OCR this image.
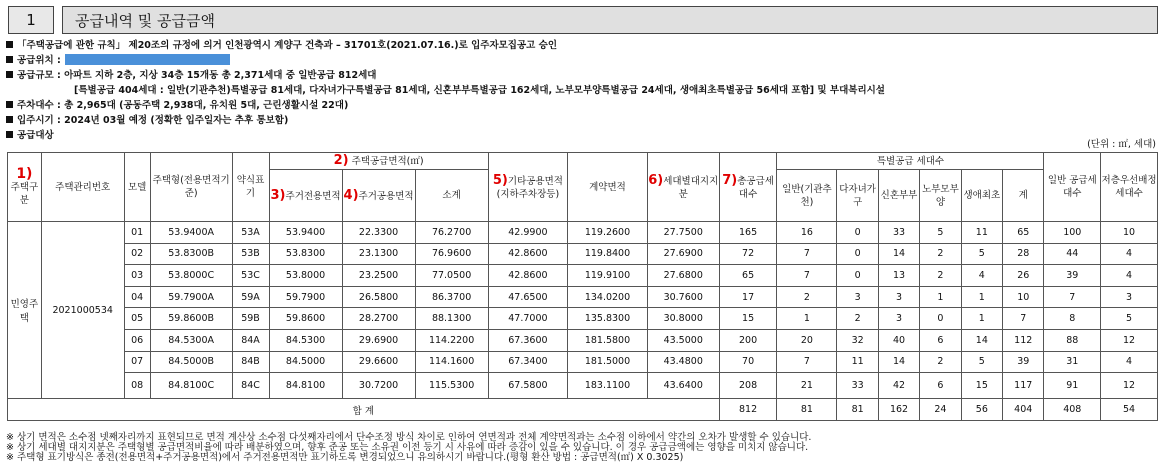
1	공급내역 및 공급금액
「주택공급에 관한 규칙」 제20조의 규정에 의거 인천광역시 계양구 건축과 – 31701호(2021.07.16.)로 입주자모집공고 승인
공급위치 :
공급규모 : 아파트 지하 2층, 지상 34층 15개동 총 2,371세대 중 일반공급 812세대
[특별공급 404세대 : 일반(기관추천)특별공급 81세대, 다자녀가구특별공급 81세대, 신혼부부특별공급 162세대, 노부모부양특별공급 24세대, 생애최초특별공급 56세대 포함] 및 부대복리시설
주차대수 : 총 2,965대 (공동주택 2,938대, 유치원 5대, 근린생활시설 22대)
입주시기 : 2024년 03월 예정 (정확한 입주일자는 추후 통보함)
공급대상
(단위 : ㎡, 세대)
1)
주택구분	주택관리번호	모델	주택형(전용면적기준)	약식표기	2) 주택공급면적(㎡)			5)기타공용면적(지하주차장등)	계약면적	6)세대별대지지분	7)총공급세대수	특별공급 세대수						일반 공급세대수	저층우선배정세대수
					3)주거전용면적	4)주거공용면적	소계					일반(기관추천)	다자녀가구	신혼부부	노부모부양	생애최초	계		
민영주택	2021000534	01	53.9400A	53A	53.9400	22.3300	76.2700	42.9900	119.2600	27.7500	165	16	0	33	5	11	65	100	10
		02	53.8300B	53B	53.8300	23.1300	76.9600	42.8600	119.8400	27.6900	72	7	0	14	2	5	28	44	4
		03	53.8000C	53C	53.8000	23.2500	77.0500	42.8600	119.9100	27.6800	65	7	0	13	2	4	26	39	4
		04	59.7900A	59A	59.7900	26.5800	86.3700	47.6500	134.0200	30.7600	17	2	3	3	1	1	10	7	3
		05	59.8600B	59B	59.8600	28.2700	88.1300	47.7000	135.8300	30.8000	15	1	2	3	0	1	7	8	5
		06	84.5300A	84A	84.5300	29.6900	114.2200	67.3600	181.5800	43.5000	200	20	32	40	6	14	112	88	12
		07	84.5000B	84B	84.5000	29.6600	114.1600	67.3400	181.5000	43.4800	70	7	11	14	2	5	39	31	4
		08	84.8100C	84C	84.8100	30.7200	115.5300	67.5800	183.1100	43.6400	208	21	33	42	6	15	117	91	12
합 계											812	81	81	162	24	56	404	408	54
※ 상기 면적은 소수점 넷째자리까지 표현되므로 면적 계산상 소수점 다섯째자리에서 단수조정 방식 차이로 인하여 연면적과 전체 계약면적과는 소수점 이하에서 약간의 오차가 발생할 수 있습니다.
※ 상기 세대별 대지지분은 주택형별 공급면적비율에 따라 배분하였으며, 향후 준공 또는 소유권 이전 등기 시 사유에 따라 증감이 있을 수 있습니다. 이 경우 공급금액에는 영향을 미치지 않습니다.
※ 주택형 표기방식은 종전(전용면적+주거공용면적)에서 주거전용면적만 표기하도록 변경되었으니 유의하시기 바랍니다.(평형 환산 방법 : 공급면적(㎡) X 0.3025)
